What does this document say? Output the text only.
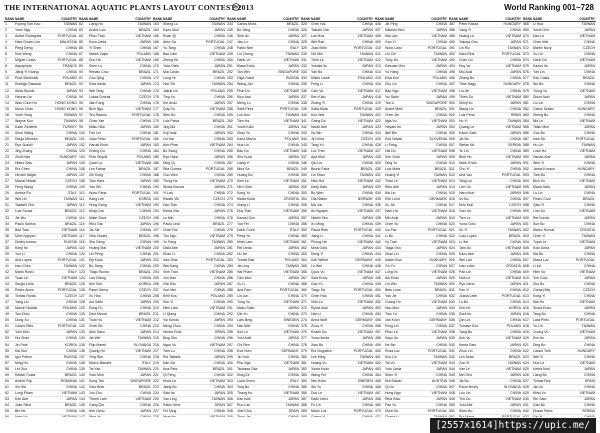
THE INTERNATIONAL AQUATIC PLANTS LAYOUT CONTEST 2013	World Ranking 001~728
RANK NAME	COUNTRY
1	Fuping Tom Kao	TAIWAN
2	Yuen Ngo	CHINA
3	Andre Rodrigues	PORTUGAL
4	Haw Chuen Lim	MALAYSIA
5	Peng Deng	CHINA
6	Kiwi Weng	CHINA
7	Miguel Costa	PORTUGAL
8	Aquaphyto	FRANCE
9	Jiang Yi Huang	CHINA
10	Piotr Sieminski	POLAND
11	Rodrigo Sawada	BRAZIL
12	Akira Suzuki	JAPAN
13	Haoran Lin	CHINA
14	Wan Chun Ho	HONG KONG
15	Moon Chan	HONG KONG
16	Yurie Yang	TAIWAN
17	Wayne Kuo	TAIWAN
18	Kaan Özdemir	TURKEY
19	Shun Wang	CHINA
20	Diego Mendes	BRAZIL
21	Ryo Suzuki	JAPAN
22	Jing Zhang	CHINA
23	Zsolt Kiss	HUNGARY
24	Hideo Sato	JAPAN
25	Rui Chen	CHINA
26	Hiroshi Nagai	JAPAN
27	Michal Novak	CZECH
28	Feng Wang	CHINA
29	Ambra Ru	ITALY
30	Wei Lin	TAIWAN
31	Takashi Ono	JAPAN
32	Luis Souza	BRAZIL
33	Jie Wu	CHINA
34	Paulo Santos	BRAZIL
35	Bao Tran	VIETNAM
36	Minh Nguyen	VIETNAM
37	Dmitry Ivanov	RUSSIA
38	Kenji Ito	JAPAN
39	Yun Li	CHINA
40	Ana Lopes	PORTUGAL
41	Hao Chen	TAIWAN
42	Mario Rossi	ITALY
43	Tuan Le	VIETNAM
44	Sergio Lima	BRAZIL
45	Pedro Alves	PORTUGAL
46	Tomas Horak	CZECH
47	Yang Liu	CHINA
48	Marcin Nowak	POLAND
49	Tao Zhou	CHINA
50	Dong Xu	CHINA
51	Carlos Reis	PORTUGAL
52	Yuki Mori	JAPAN
53	Hui Zhao	CHINA
54	Jin Park	KOREA
55	Kai Sun	CHINA
56	Igor Petrov	RUSSIA
57	Ming Hu	CHINA
58	Lei Guo	CHINA
59	Rafael Costa	BRAZIL
60	Andrei Pop	ROMANIA
61	Xin Ma	CHINA
62	Long Pham	VIETNAM
63	Ken Abe	JAPAN
64	Jose Silva	BRAZIL
65	Bin He	CHINA
RANK NAME	COUNTRY
82	Liang Ho	TAIWAN
83	Andre Luiz	BRAZIL
84	Phuc Tran	VIETNAM
85	Kozo Ueda	JAPAN
86	Yi Chen	CHINA
87	Marek Zajac	POLAND
88	Duc Ha	VIETNAM
89	Shen Lu	CHINA
90	Renato Cruz	BRAZIL
91	Guo Qing	CHINA
92	Sota Ikeda	JAPAN
93	Wei Tang	CHINA
94	Lukas Dvorak	CZECH
95	Jian Fang	CHINA
96	Bich Ngo	VIETNAM
97	Teo Ramos	PORTUGAL
98	Chao Yan	CHINA
99	Mitsu Oka	JAPAN
100	Fan Lei	CHINA
101	Joao Pinto	PORTUGAL
102	Haruki Endo	JAPAN
103	Cheng Du	CHINA
104	Piotr Wojcik	POLAND
105	Quan Ly	VIETNAM
106	Leo Farias	BRAZIL
107	Zhi Kong	CHINA
108	Taro Hara	JAPAN
109	Yan Shi	CHINA
110	Nuno Faria	PORTUGAL
111	Kang Lee	KOREA
112	Hung Dang	VIETNAM
113	Ming Cao	CHINA
114	Milan Sova	CZECH
115	Riku Ota	JAPAN
116	Jia Xie	CHINA
117	Vitor Nunes	BRAZIL
118	Shu Deng	CHINA
119	Hoang Mai	VIETNAM
120	Lei Peng	CHINA
121	Eiji Kudo	JAPAN
122	Bo Jiang	CHINA
123	Tiago Rocha	BRAZIL
124	Lan Zheng	CHINA
125	Kim Son	KOREA
126	Pavel Cerny	CZECH
127	Xu Hao	CHINA
128	Aoi Saito	JAPAN
129	Rong Fu	CHINA
130	Davi Moura	BRAZIL
131	Tuan Vu	VIETNAM
132	Chen Bo	CHINA
133	Akio Sano	JAPAN
134	Jia Wei	TAIWAN
135	Filip Marek	SLOVAKIA
136	Quang Ho	VIETNAM
137	Ying Ren	CHINA
138	Marco Bianchi	ITALY
139	Tai Yao	TAIWAN
140	Yuto Mori	JAPAN
141	Song Tan	SINGAPORE
142	Caio Brito	BRAZIL
143	Jun Zhu	CHINA
144	Thanh Lam	VIETNAM
145	Gang Qin	CHINA
146	Ken Ueno	JAPAN
RANK NAME	COUNTRY
163	Sheng Lo	TAIWAN
164	Kazu Mori	JAPAN
165	Ruan Qi	CHINA
166	Artur Sa	PORTUGAL
167	Yu Tang	CHINA
168	Bao Lam	VIETNAM
169	Zheng He	CHINA
170	Yuta Oishi	JAPAN
171	Mia Costa	BRAZIL
172	Long Ye	CHINA
173	Hao Yin	TAIWAN
174	Jakub Lis	POLAND
175	Ting Xu	CHINA
176	Kei Ando	JAPAN
177	Quy Do	VIETNAM
178	Wen Bo	CHINA
179	Luiz Paiva	BRAZIL
180	Jing Mo	CHINA
181	Koji Imai	JAPAN
182	Lin Hai	CHINA
183	Anh Phan	VIETNAM
184	Bo Xiong	CHINA
185	Ryo Hara	JAPAN
186	Ding Qi	CHINA
187	Rita Gomes	PORTUGAL
188	Guo Wen	CHINA
189	Trung Ha	VIETNAM
190	Shota Kimura	JAPAN
191	Yi Lan	CHINA
192	Radek Vlk	CZECH
193	Hao Tian	CHINA
194	Kenta Ota	JAPAN
195	Lu Min	CHINA
196	Paulo Leal	BRAZIL
197	Chen Rui	CHINA
198	Thu Ngo	VIETNAM
199	Yu Fang	TAIWAN
200	Daiki Abe	JAPAN
201	Shan Li	CHINA
202	Ines Dias	PORTUGAL
203	Wei Kang	CHINA
204	Vinh Tran	VIETNAM
205	Jun Hao	CHINA
206	Ota Sho	JAPAN
207	Xue Mei	CHINA
208	Emil Kos	POLAND
209	Sun Yi	CHINA
210	Hien Lam	VIETNAM
211	Li Qiang	CHINA
212	Yui Kondo	JAPAN
213	Meng Zhou	CHINA
214	Hector Ruiz	SPAIN
215	Bing Shu	CHINA
216	Ngoc Vu	VIETNAM
217	Tian Lu	CHINA
218	Rui Takada	JAPAN
219	Dan Jia	CHINA
220	Ana Reis	BRAZIL
221	Qi Feng	CHINA
222	Khoa Le	VIETNAM
223	Jiang Bo	CHINA
224	Saki Ito	JAPAN
225	Yao Ling	TAIWAN
226	Pablo Vera	SPAIN
227	Fei Tang	CHINA
RANK NAME	COUNTRY
244	Carlos Moss	BRAZIL
245	Bo Yang	CHINA
246	Shin Ito	JAPAN
247	Jiao Lu	CHINA
248	Fabio Neri	ITALY
249	Liu Cheng	TAIWAN
250	Hanh Vo	VIETNAM
251	Masa Endo	JAPAN
252	Tan Wei	SINGAPORE
253	Olga Sokol	RUSSIA
254	Wang Jun	CHINA
255	Phat Do	VIETNAM
256	Kiyo Arai	JAPAN
257	Meng Lu	CHINA
258	Rafa Pires	PORTUGAL
259	Lou Ann	TAIWAN
260	Tien Ha	VIETNAM
261	Yoshi Kato	JAPAN
262	Zhao Yu	CHINA
263	Karol Mazur	POLAND
264	Hua Lin	CHINA
265	Bao Do	VIETNAM
266	Sho Kudo	JAPAN
267	Liang Yi	CHINA
268	Nina Sa	BRAZIL
269	Huang Bo	CHINA
270	Kien Le	VIETNAM
271	Hiro Goto	JAPAN
272	Song Yu	CHINA
273	Marta Kolar	CROATIA
274	Xiang Li	CHINA
275	Duy Tran	VIETNAM
276	Kazuki Ono	JAPAN
277	Yun Fei	CHINA
278	Dario Conti	ITALY
279	Peng Yu	CHINA
280	Minh Lam	VIETNAM
281	Rei Ueda	JAPAN
282	Hu Jie	CHINA
283	Tomek Bak	POLAND
284	Jia Ling	TAIWAN
285	Hai Pham	VIETNAM
286	Gen Mori	JAPAN
287	Xu Li	CHINA
288	Ana Faro	PORTUGAL
289	Lin Jun	CHINA
290	Tung Vu	VIETNAM
291	Mako Saito	JAPAN
292	Qin Yu	CHINA
293	Lars Berg	SWEDEN
294	Han Wei	CHINA
295	Son Le	VIETNAM
296	Yuki Aoki	JAPAN
297	Chi Ren	CHINA
298	Eva Horn	GERMANY
299	Jin Hua	CHINA
300	Phu Ngo	VIETNAM
301	Tsubasa Oka	JAPAN
302	Ming Ze	CHINA
303	Luca Greco	ITALY
304	Ying Bo	CHINA
305	Thang Ho	VIETNAM
306	Kan Ishii	JAPAN
307	Ruo Lan	TAIWAN
308	Joel Cruz	SPAIN
RANK NAME	COUNTRY
325	Chen Kai	CHINA
326	Takumi Ota	JAPAN
327	Lan Hoa	VIETNAM
328	Wei Ran	CHINA
329	Joao Brito	PORTUGAL
330	Hui Min	TAIWAN
331	Trinh Le	VIETNAM
332	Yosuke Ito	JAPAN
333	Yan Bo	CHINA
334	Mikko Laine	FINLAND
335	Feng Li	CHINA
336	Cam Vo	VIETNAM
337	Ren Kato	JAPAN
338	Zhang Yi	CHINA
339	Sofia Mota	PORTUGAL
340	Kuo Wei	TAIWAN
341	Giang Do	VIETNAM
342	Naoki Abe	JAPAN
343	Hu Bin	CHINA
344	Jiri Hora	CZECH
345	Tang Yu	CHINA
346	Loc Tran	VIETNAM
347	Aya Mori	JAPAN
348	Qiu Lin	CHINA
349	Bruno Faria	BRAZIL
350	Lin Shan	TAIWAN
351	Hieu Bui	VIETNAM
352	Kenji Sato	JAPAN
353	Bo Wen	CHINA
354	Ola Nilsen	NORWAY
355	Ma Jun	CHINA
356	An Nguyen	VIETNAM
357	Hideki Ono	JAPAN
358	Xu Ming	CHINA
359	Paula Reis	PORTUGAL
360	Jiang Li	CHINA
361	Phong Ha	VIETNAM
362	Mina Goto	JAPAN
363	Deng Yi	CHINA
364	Karl Weber	GERMANY
365	Lu Wei	CHINA
366	Quoc Vu	VIETNAM
367	Sota Endo	JAPAN
368	Gao Yu	CHINA
369	Tiago Sa	PORTUGAL
370	Chen Hao	CHINA
371	Vinh Le	VIETNAM
372	Ryota Aoki	JAPAN
373	Han Li	CHINA
374	Anna Wolf	GERMANY
375	Zhou Yi	CHINA
376	Khanh Do	VIETNAM
377	Tomo Ikeda	JAPAN
378	Xiao Bo	CHINA
379	Rui Nogueira	PORTUGAL
380	Lee Ming	TAIWAN
381	Hoang Vu	VIETNAM
382	Yuma Kudo	JAPAN
383	Wang Fei	CHINA
384	Nils Holm	SWEDEN
385	Shi Yu	CHINA
386	Duc Le	VIETNAM
387	Kaito Ueno	JAPAN
388	Fu Lin	CHINA
389	Mario Luz	PORTUGAL
RANK NAME	COUNTRY
406	Jie Ping	CHINA
407	Satoshi Mori	JAPAN
408	Mai Lan	VIETNAM
409	Guo Yi	CHINA
410	Nuno Lobo	PORTUGAL
411	Lin Chi	TAIWAN
412	Thuy Ho	VIETNAM
413	Keisuke Ono	JAPAN
414	Yu Hang	CHINA
415	Ewa Krol	POLAND
416	Zhu Lin	CHINA
417	Bao Ngo	VIETNAM
418	Yui Saito	JAPAN
419	Tan Li	SINGAPORE
420	Andre Melo	BRAZIL
421	Chen Jie	CHINA
422	Nga Vu	VIETNAM
423	Hayato Ito	JAPAN
424	Wei Bin	CHINA
425	Rok Novak	SLOVENIA
426	Li Fang	CHINA
427	Hai Do	VIETNAM
428	Ken Goto	JAPAN
429	Ding Yu	CHINA
430	Luiz Mota	BRAZIL
431	Huang Yi	TAIWAN
432	Thao Le	VIETNAM
433	Riku Abe	JAPAN
434	Ma Lin	CHINA
435	Erik Lund	DENMARK
436	Xu Jie	CHINA
437	Nam Ha	VIETNAM
438	Mei Aoki	JAPAN
439	Chen Yu	CHINA
440	Ivo Paz	PORTUGAL
441	Li Bo	CHINA
442	Vy Tran	VIETNAM
443	Taiga Ono	JAPAN
444	Zhao Lin	CHINA
445	Adam Kiss	HUNGARY
446	Gu Yu	CHINA
447	Long Vo	VIETNAM
448	Aki Endo	JAPAN
449	Lin Wei	TAIWAN
450	Beto Lima	BRAZIL
451	Yan Jie	CHINA
452	Cuong Ho	VIETNAM
453	Nao Mori	JAPAN
454	Tian Yu	CHINA
455	Jan Koch	GERMANY
456	Feng Lin	CHINA
457	Phuc Le	VIETNAM
458	Sayo Ito	JAPAN
459	He Bin	CHINA
460	Rosa Luz	PORTUGAL
461	Kuo Lin	TAIWAN
462	Tai Vu	VIETNAM
463	Yuto Ueda	JAPAN
464	Shen Yi	CHINA
465	Kurt Bauer	AUSTRIA
466	Qi Lin	CHINA
467	Hung Ngo	VIETNAM
468	Rina Sato	JAPAN
469	Pan Yu	CHINA
470	Dora Sa	PORTUGAL
RANK NAME	COUNTRY
487	Peter Kasza	HUNGARY
488	Yang Yi	CHINA
489	Hoang Le	VIETNAM
490	Takuya Ono	JAPAN
491	Lin Rui	TAIWAN
492	Sara Reis	PORTUGAL
493	Chen Lin	CHINA
494	Huy Vo	VIETNAM
495	Mio Aoki	JAPAN
496	Zhang Bo	CHINA
497	Tibor Nagy	HUNGARY
498	Liu Jie	CHINA
499	Thien Do	VIETNAM
500	Shinji Ito	JAPAN
501	Wang Lin	CHINA
502	Luis Pena	SPAIN
503	Hu Yi	TAIWAN
504	Quang Le	VIETNAM
505	Kaoru Sato	JAPAN
506	Jin Bo	CHINA
507	Stefan Ilic	SERBIA
508	Ye Lin	CHINA
509	Binh Ho	VIETNAM
510	Nobu Endo	JAPAN
511	Chu Yi	CHINA
512	Ana Vaz	PORTUGAL
513	Tang Lin	CHINA
514	Lien Vu	VIETNAM
515	Haru Mori	JAPAN
516	Xu Bo	CHINA
517	Miro Kral	CZECH
518	Gao Lin	CHINA
519	Tien Le	VIETNAM
520	Yuna Goto	JAPAN
521	Su Yi	TAIWAN
522	Caio Lopes	BRAZIL
523	Li Jun	CHINA
524	Tam Do	VIETNAM
525	Kazu Abe	JAPAN
526	Wei Lan	CHINA
527	Ivan Lukic	CROATIA
528	Pan Lin	CHINA
529	Hoa Le	VIETNAM
530	Ryo Ueno	JAPAN
531	Fan Yi	CHINA
532	Joana Leite	PORTUGAL
533	Lu Bo	CHINA
534	Kim Ho	KOREA
535	Sora Ito	JAPAN
536	Qin Lin	CHINA
537	Tomasz Kos	POLAND
538	Yang Bo	CHINA
539	Anh Vu	VIETNAM
540	Kenta Sato	JAPAN
541	Zhou Lin	CHINA
542	Leo Mota	BRAZIL
543	Cao Yi	TAIWAN
544	Van Le	VIETNAM
545	Mei Ono	JAPAN
546	Jia Bo	CHINA
547	Pavol Hruby	SLOVAKIA
548	Luo Lin	CHINA
549	Thu Do	VIETNAM
550	Yuki Abe	JAPAN
551	Shen Bo	CHINA
RANK NAME	COUNTRY
568	Li Hua	TAIWAN
569	Yoshi Ono	JAPAN
570	Dao Le	VIETNAM
571	Chen Wei	CHINA
572	Martin Novy	CZECH
573	Xu Lin	CHINA
574	Hanh Do	VIETNAM
575	Kazuo Ito	JAPAN
576	Yan Lin	CHINA
577	Edu Costa	BRAZIL
578	Wu Bo	CHINA
579	Trung Vu	VIETNAM
580	Shiori Aoki	JAPAN
581	Liu Lin	CHINA
582	Gabor Szabo	HUNGARY
583	Zheng Bo	CHINA
584	Nhi Le	VIETNAM
585	Tatsu Mori	JAPAN
586	Guo Bo	CHINA
587	Ines Sa	PORTUGAL
588	Hu Lin	TAIWAN
589	Loan Ho	VIETNAM
590	Haruto Abe	JAPAN
591	Wen Yi	CHINA
592	Janos Kovacs	HUNGARY
593	Tian Bo	CHINA
594	Bich Vu	VIETNAM
595	Mana Sato	JAPAN
596	Lu Lin	CHINA
597	Pedro Cruz	BRAZIL
598	Qiao Yi	CHINA
599	Linh Do	VIETNAM
600	Rei Kondo	JAPAN
601	Sun Bo	CHINA
602	Marko Horvat	CROATIA
603	Chen Yi	TAIWAN
604	Tuyet Le	VIETNAM
605	Koki Ueda	JAPAN
606	Ma Bo	CHINA
607	Diana Luz	PORTUGAL
608	Li Lin	CHINA
609	Hien Vo	VIETNAM
610	Yuri Goto	JAPAN
611	Zhu Bo	CHINA
612	Ondrej Bily	CZECH
613	Kong Yi	CHINA
614	Mai Ho	VIETNAM
615	Shota Endo	JAPAN
616	Tang Bo	CHINA
617	Lara Pinto	PORTUGAL
618	Yu Lin	TAIWAN
619	Cuong Vu	VIETNAM
620	Emi Ito	JAPAN
621	Ding Bo	CHINA
622	Laszlo Toth	HUNGARY
623	Wei Yi	CHINA
624	Hue Le	VIETNAM
625	Kenta Mori	JAPAN
626	Liang Bo	CHINA
627	Tomas Rey	SPAIN
628	Jia Lin	CHINA
629	Minh Vo	VIETNAM
630	Rin Sato	JAPAN
631	Gao Bo	CHINA
632	Dusan Pavic	SERBIA
[2557x1614]https://upic.me/
